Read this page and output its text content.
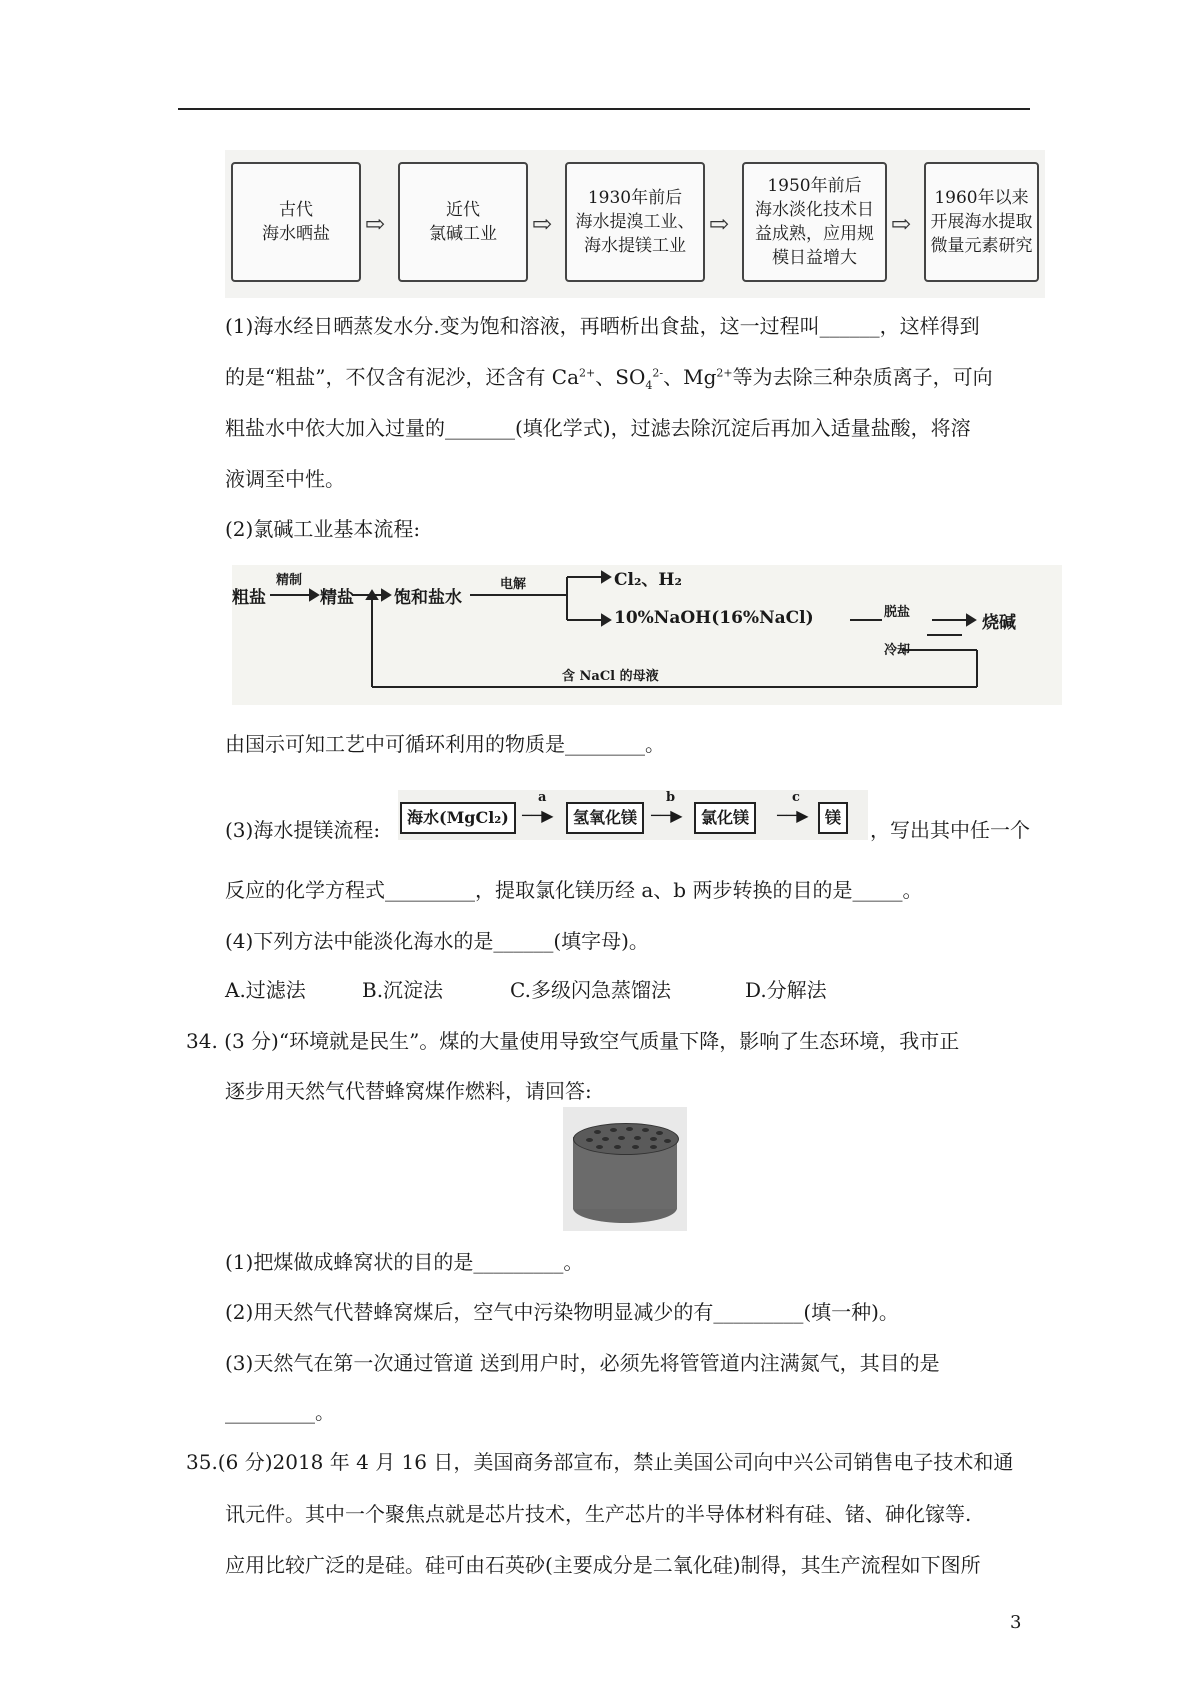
古代
海水晒盐 ⇨	近代
氯碱工业 ⇨
1930年前后
海水提溴工业、
海水提镁工业
⇨
1950年前后
海水淡化技术日
益成熟，应用规
模日益增大
⇨
1960年以来
开展海水提取
微量元素研究
(1)海水经日晒蒸发水分.变为饱和溶液，再晒析出食盐，这一过程叫______，这样得到
的是“粗盐”，不仅含有泥沙，还含有 $Ca^{2+}$、$SO_4^{2-}$、$Mg^{2+}$等为去除三种杂质离子，可向
粗盐水中依大加入过量的_______(填化学式)，过滤去除沉淀后再加入适量盐酸，将溶
液调至中性。
(2)氯碱工业基本流程:
粗盐
精制
精盐 饱和盐水
电解	Cl₂、H₂
10%NaOH(16%NaCl)	脱盐
冷却
烧碱
含 NaCl 的母液
由国示可知工艺中可循环利用的物质是________。
(3)海水提镁流程:
海水(MgCl₂)
a
──▶	氢氧化镁
b
──▶	氯化镁
c
──▶	镁
，写出其中任一个
反应的化学方程式_________，提取氯化镁历经 a、b 两步转换的目的是_____。
(4)下列方法中能淡化海水的是______(填字母)。
A.过滤法	B.沉淀法	C.多级闪急蒸馏法	D.分解法
34. (3 分)“环境就是民生”。煤的大量使用导致空气质量下降，影响了生态环境，我市正
逐步用天然气代替蜂窝煤作燃料，请回答:
(1)把煤做成蜂窝状的目的是_________。
(2)用天然气代替蜂窝煤后，空气中污染物明显减少的有_________(填一种)。
(3)天然气在第一次通过管道 送到用户时，必须先将管管道内注满氮气，其目的是
_________。
35.(6 分)2018 年 4 月 16 日，美国商务部宣布，禁止美国公司向中兴公司销售电子技术和通
讯元件。其中一个聚焦点就是芯片技术，生产芯片的半导体材料有硅、锗、砷化镓等.
应用比较广泛的是硅。硅可由石英砂(主要成分是二氧化硅)制得，其生产流程如下图所
3
